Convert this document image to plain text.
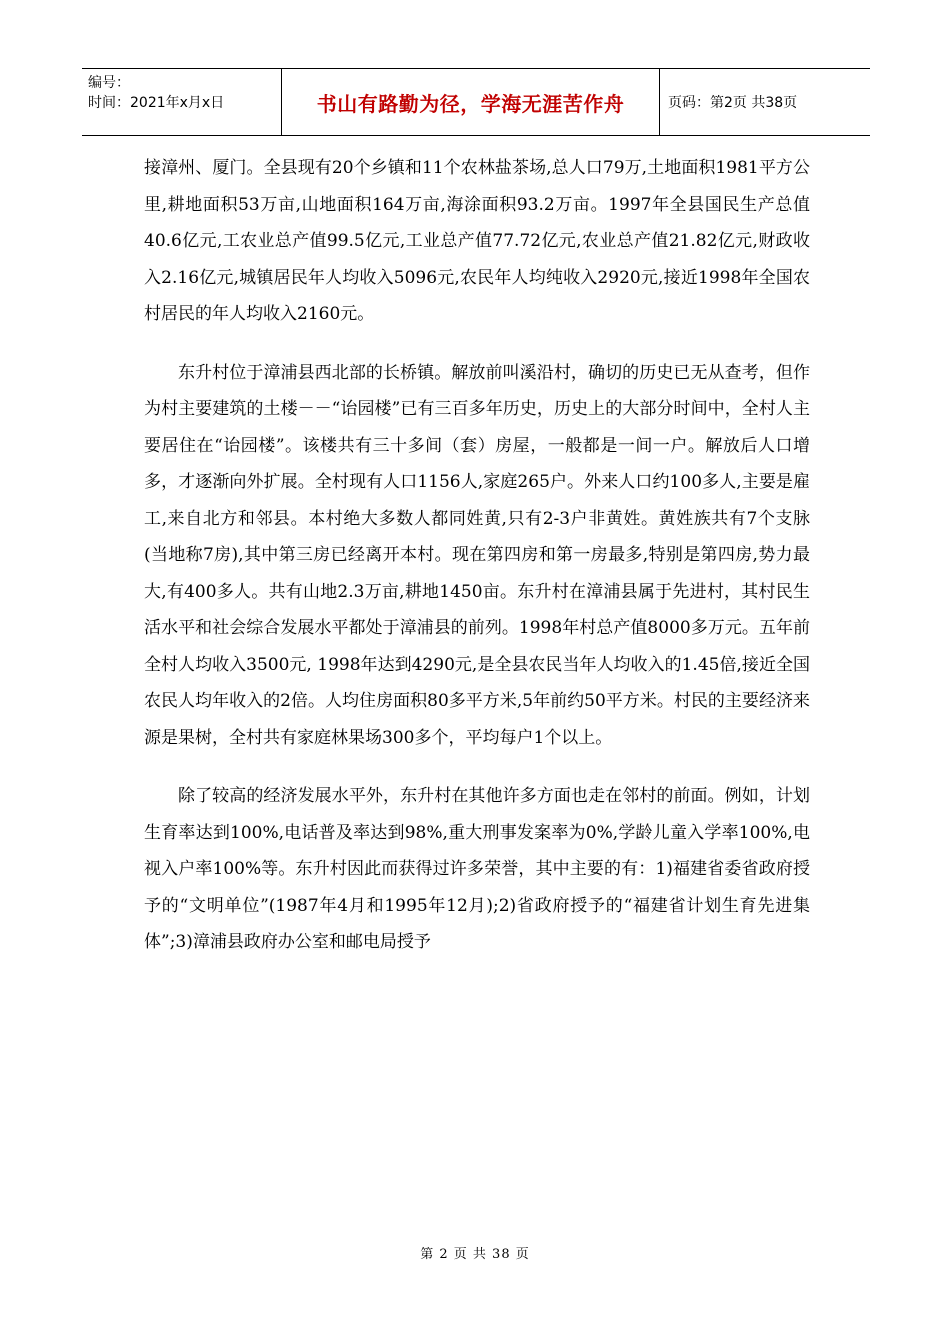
编号：
时间：2021年x月x日	书山有路勤为径，学海无涯苦作舟	页码：第2页 共38页

接漳州、厦门。全县现有20个乡镇和11个农林盐茶场,总人口79万,土地面积1981平方公里,耕地面积53万亩,山地面积164万亩,海涂面积93.2万亩。1997年全县国民生产总值40.6亿元,工农业总产值99.5亿元,工业总产值77.72亿元,农业总产值21.82亿元,财政收入2.16亿元,城镇居民年人均收入5096元,农民年人均纯收入2920元,接近1998年全国农村居民的年人均收入2160元。

东升村位于漳浦县西北部的长桥镇。解放前叫溪沿村，确切的历史已无从查考，但作为村主要建筑的土楼－－“诒园楼”已有三百多年历史，历史上的大部分时间中，全村人主要居住在“诒园楼”。该楼共有三十多间（套）房屋，一般都是一间一户。解放后人口增多，才逐渐向外扩展。全村现有人口1156人,家庭265户。外来人口约100多人,主要是雇工,来自北方和邻县。本村绝大多数人都同姓黄,只有2-3户非黄姓。黄姓族共有7个支脉(当地称7房),其中第三房已经离开本村。现在第四房和第一房最多,特别是第四房,势力最大,有400多人。共有山地2.3万亩,耕地1450亩。东升村在漳浦县属于先进村，其村民生活水平和社会综合发展水平都处于漳浦县的前列。1998年村总产值8000多万元。五年前全村人均收入3500元, 1998年达到4290元,是全县农民当年人均收入的1.45倍,接近全国农民人均年收入的2倍。人均住房面积80多平方米,5年前约50平方米。村民的主要经济来源是果树，全村共有家庭林果场300多个，平均每户1个以上。

除了较高的经济发展水平外，东升村在其他许多方面也走在邻村的前面。例如，计划生育率达到100%,电话普及率达到98%,重大刑事发案率为0%,学龄儿童入学率100%,电视入户率100%等。东升村因此而获得过许多荣誉，其中主要的有：1)福建省委省政府授予的“文明单位”(1987年4月和1995年12月);2)省政府授予的“福建省计划生育先进集体”;3)漳浦县政府办公室和邮电局授予

第 2 页 共 38 页
